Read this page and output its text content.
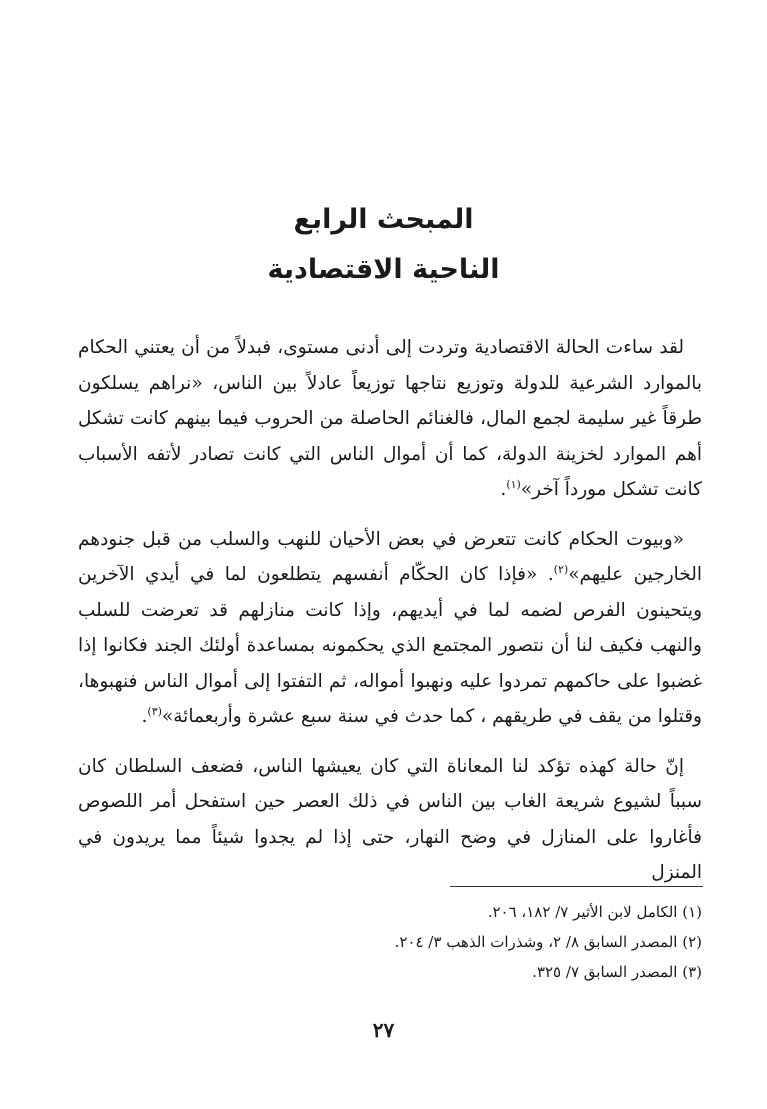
المبحث الرابع
الناحية الاقتصادية

لقد ساءت الحالة الاقتصادية وتردت إلى أدنى مستوى، فبدلاً من أن يعتني الحكام بالموارد الشرعية للدولة وتوزيع نتاجها توزيعاً عادلاً بين الناس، «نراهم يسلكون طرقاً غير سليمة لجمع المال، فالغنائم الحاصلة من الحروب فيما بينهم كانت تشكل أهم الموارد لخزينة الدولة، كما أن أموال الناس التي كانت تصادر لأتفه الأسباب كانت تشكل مورداً آخر»$^{(١)}$.

«وبيوت الحكام كانت تتعرض في بعض الأحيان للنهب والسلب من قبل جنودهم الخارجين عليهم»$^{(٢)}$. «فإذا كان الحكّام أنفسهم يتطلعون لما في أيدي الآخرين ويتحينون الفرص لضمه لما في أيديهم، وإذا كانت منازلهم قد تعرضت للسلب والنهب فكيف لنا أن نتصور المجتمع الذي يحكمونه بمساعدة أولئك الجند فكانوا إذا غضبوا على حاكمهم تمردوا عليه ونهبوا أمواله، ثم التفتوا إلى أموال الناس فنهبوها، وقتلوا من يقف في طريقهم ، كما حدث في سنة سبع عشرة وأربعمائة»$^{(٣)}$.

إنّ حالة كهذه تؤكد لنا المعاناة التي كان يعيشها الناس، فضعف السلطان كان سبباً لشيوع شريعة الغاب بين الناس في ذلك العصر حين استفحل أمر اللصوص فأغاروا على المنازل في وضح النهار، حتى إذا لم يجدوا شيئاً مما يريدون في المنزل

(١) الكامل لابن الأثير ٧/ ١٨٢، ٢٠٦.

(٢) المصدر السابق ٨/ ٢، وشذرات الذهب ٣/ ٢٠٤.

(٣) المصدر السابق ٧/ ٣٢٥.

٢٧
